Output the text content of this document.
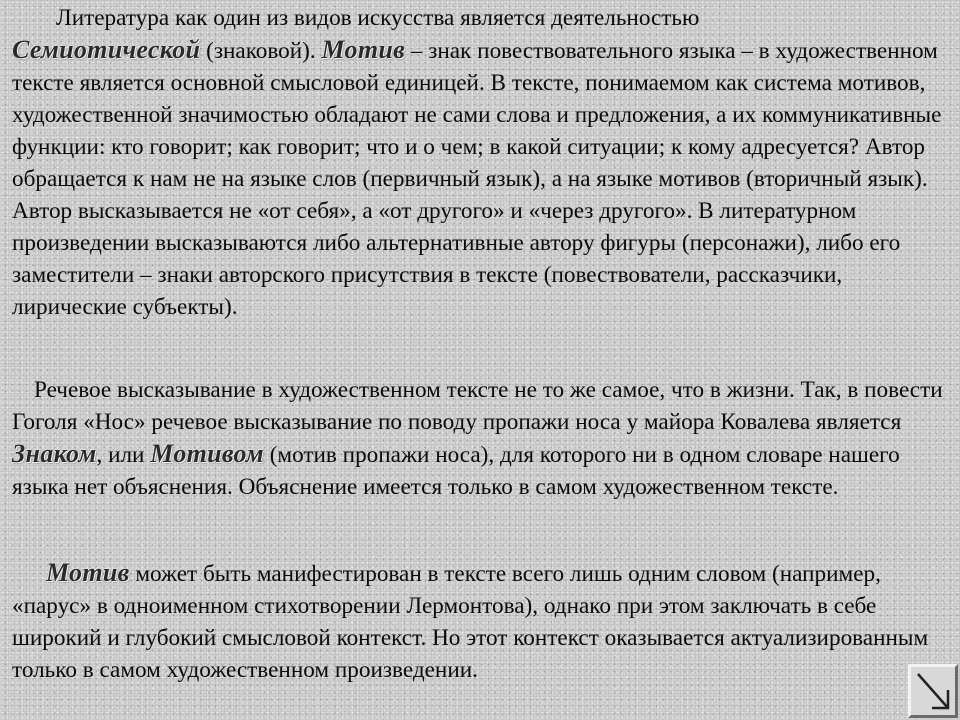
Литература как один из видов искусства является деятельностью
Семиотической (знаковой). Мотив – знак повествовательного языка – в художественном тексте является основной смысловой единицей. В тексте, понимаемом как система мотивов, художественной значимостью обладают не сами слова и предложения, а их коммуникативные функции: кто говорит; как говорит; что и о чем; в какой ситуации; к кому адресуется? Автор обращается к нам не на языке слов (первичный язык), а на языке мотивов (вторичный язык). Автор высказывается не «от себя», а «от другого» и «через другого». В литературном произведении высказываются либо альтернативные автору фигуры (персонажи), либо его заместители – знаки авторского присутствия в тексте (повествователи, рассказчики, лирические субъекты).

Речевое высказывание в художественном тексте не то же самое, что в жизни. Так, в повести Гоголя «Нос» речевое высказывание по поводу пропажи носа у майора Ковалева является Знаком, или Мотивом (мотив пропажи носа), для которого ни в одном словаре нашего языка нет объяснения. Объяснение имеется только в самом художественном тексте.

Мотив может быть манифестирован в тексте всего лишь одним словом (например, «парус» в одноименном стихотворении Лермонтова), однако при этом заключать в себе широкий и глубокий смысловой контекст. Но этот контекст оказывается актуализированным только в самом художественном произведении.
